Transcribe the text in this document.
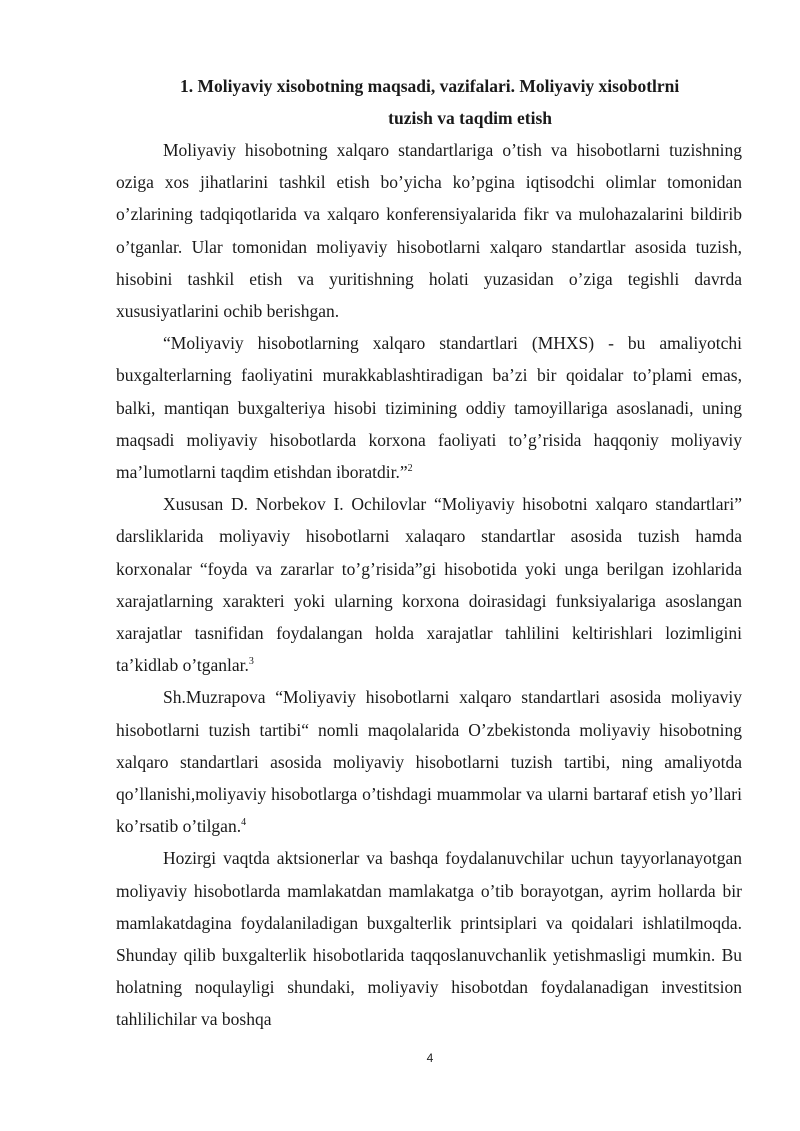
1. Moliyaviy xisobotning maqsadi, vazifalari. Moliyaviy xisobotlrni
tuzish va taqdim etish

Moliyaviy hisobotning xalqaro standartlariga o’tish va hisobotlarni tuzishning oziga xos jihatlarini tashkil etish bo’yicha ko’pgina iqtisodchi olimlar tomonidan o’zlarining tadqiqotlarida va xalqaro konferensiyalarida fikr va mulohazalarini bildirib o’tganlar. Ular tomonidan moliyaviy hisobotlarni xalqaro standartlar asosida tuzish, hisobini tashkil etish va yuritishning holati yuzasidan o’ziga tegishli davrda xususiyatlarini ochib berishgan.

“Moliyaviy hisobotlarning xalqaro standartlari (MHXS) - bu amaliyotchi buxgalterlarning faoliyatini murakkablashtiradigan ba’zi bir qoidalar to’plami emas, balki, mantiqan buxgalteriya hisobi tizimining oddiy tamoyillariga asoslanadi, uning maqsadi moliyaviy hisobotlarda korxona faoliyati to’g’risida haqqoniy moliyaviy ma’lumotlarni taqdim etishdan iboratdir.”$^2$

Xususan D. Norbekov I. Ochilovlar “Moliyaviy hisobotni xalqaro standartlari” darsliklarida moliyaviy hisobotlarni xalaqaro standartlar asosida tuzish hamda korxonalar “foyda va zararlar to’g’risida”gi hisobotida yoki unga berilgan izohlarida xarajatlarning xarakteri yoki ularning korxona doirasidagi funksiyalariga asoslangan xarajatlar tasnifidan foydalangan holda xarajatlar tahlilini keltirishlari lozimligini ta’kidlab o’tganlar.$^3$

Sh.Muzrapova “Moliyaviy hisobotlarni xalqaro standartlari asosida moliyaviy hisobotlarni tuzish tartibi“ nomli maqolalarida O’zbekistonda moliyaviy hisobotning xalqaro standartlari asosida moliyaviy hisobotlarni tuzish tartibi, ning amaliyotda qo’llanishi,moliyaviy hisobotlarga o’tishdagi muammolar va ularni bartaraf etish yo’llari ko’rsatib o’tilgan.$^4$

Hozirgi vaqtda aktsionerlar va bashqa foydalanuvchilar uchun tayyorlanayotgan moliyaviy hisobotlarda mamlakatdan mamlakatga o’tib borayotgan, ayrim hollarda bir mamlakatdagina foydalaniladigan buxgalterlik printsiplari va qoidalari ishlatilmoqda. Shunday qilib buxgalterlik hisobotlarida taqqoslanuvchanlik yetishmasligi mumkin. Bu holatning noqulayligi shundaki, moliyaviy hisobotdan foydalanadigan investitsion tahlilichilar va boshqa

4
